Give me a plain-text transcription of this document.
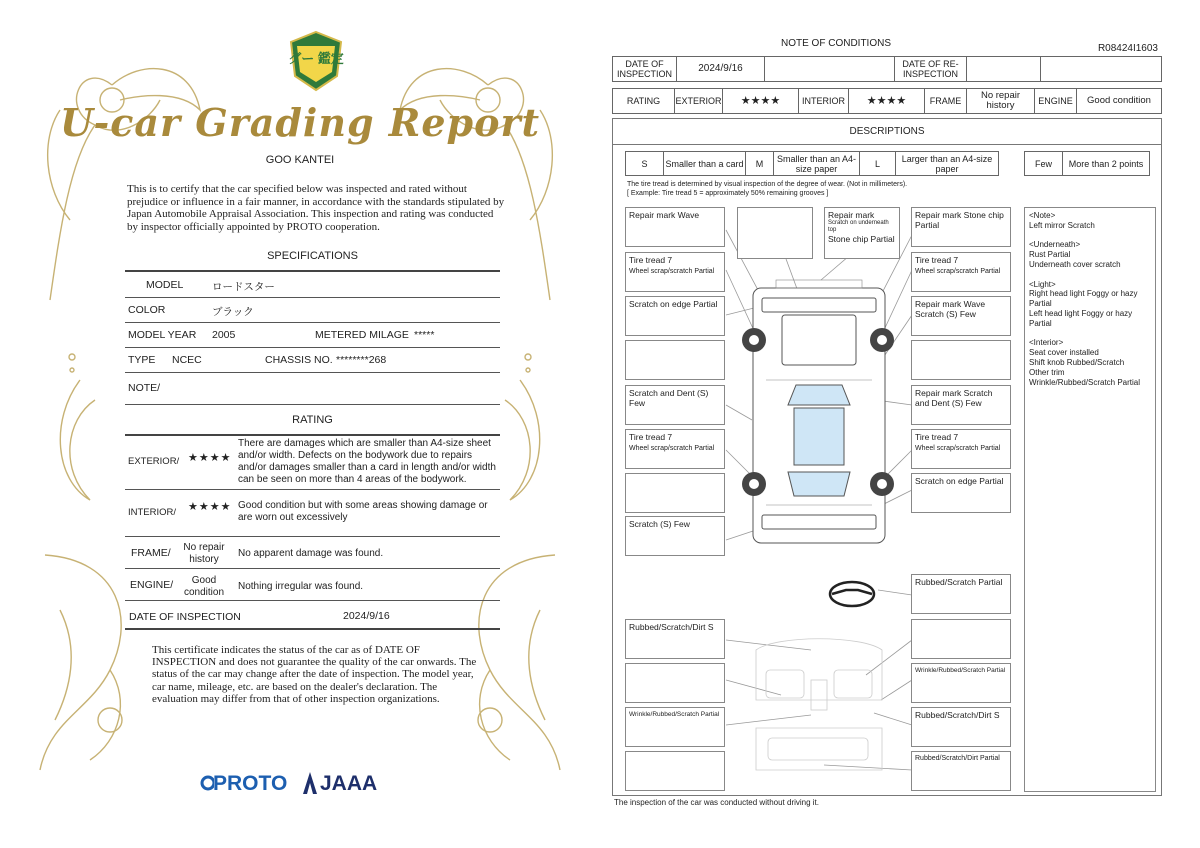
グー 鑑定
U-car Grading Report
GOO KANTEI
This is to certify that the car specified below was inspected and rated without prejudice or influence in a fair manner, in accordance with the standards stipulated by Japan Automobile Appraisal Association. This inspection and rating was conducted by inspector officially appointed by PROTO cooperation.
SPECIFICATIONS
MODEL	ロードスター
COLOR	ブラック
MODEL YEAR 2005	METERED MILAGE *****
TYPE NCEC	CHASSIS NO. ********268
NOTE/
RATING
EXTERIOR/ ★★★★
There are damages which are smaller than A4-size sheet and/or width. Defects on the bodywork due to repairs and/or damages smaller than a card in length and/or width can be seen on more than 4 areas of the bodywork.
INTERIOR/ ★★★★ Good condition but with some areas showing damage or are worn out excessively
FRAME/	No repair history
No apparent damage was found.
ENGINE/	Good condition
Nothing irregular was found.
DATE OF INSPECTION	2024/9/16
This certificate indicates the status of the car as of DATE OF INSPECTION and does not guarantee the quality of the car onwards. The status of the car may change after the date of inspection. The model year, car name, mileage, etc. are based on the dealer's declaration. The evaluation may differ from that of other inspection organizations.
PROTO JAAA
NOTE OF CONDITIONS	R08424I1603
DATE OF INSPECTION	2024/9/16		DATE OF RE-INSPECTION		
RATING	EXTERIOR	★★★★	INTERIOR	★★★★	FRAME	No repair history	ENGINE	Good condition
DESCRIPTIONS
S	Smaller than a card	M	Smaller than an A4-size paper	L	Larger than an A4-size paper	Few	More than 2 points
The tire tread is determined by visual inspection of the degree of wear. (Not in millimeters).
[ Example: Tire tread 5 = approximately 50% remaining grooves ]
Repair mark Wave	Repair mark
Scratch on underneath top
Stone chip Partial
Repair mark Stone chip Partial
Tire tread 7
Wheel scrap/scratch Partial
Tire tread 7
Wheel scrap/scratch Partial
Scratch on edge Partial	Repair mark Wave Scratch (S) Few
Scratch and Dent (S) Few
Repair mark Scratch and Dent (S) Few
Tire tread 7
Wheel scrap/scratch Partial
Tire tread 7
Wheel scrap/scratch Partial
Scratch on edge Partial
Scratch (S) Few
Rubbed/Scratch Partial
Rubbed/Scratch/Dirt S
Wrinkle/Rubbed/Scratch Partial
Wrinkle/Rubbed/Scratch Partial	Rubbed/Scratch/Dirt S
Rubbed/Scratch/Dirt Partial
<Note>
Left mirror Scratch

<Underneath>
Rust Partial
Underneath cover scratch

<Light>
Right head light Foggy or hazy Partial
Left head light Foggy or hazy Partial

<Interior>
Seat cover installed
Shift knob Rubbed/Scratch
Other trim
Wrinkle/Rubbed/Scratch Partial
The inspection of the car was conducted without driving it.
